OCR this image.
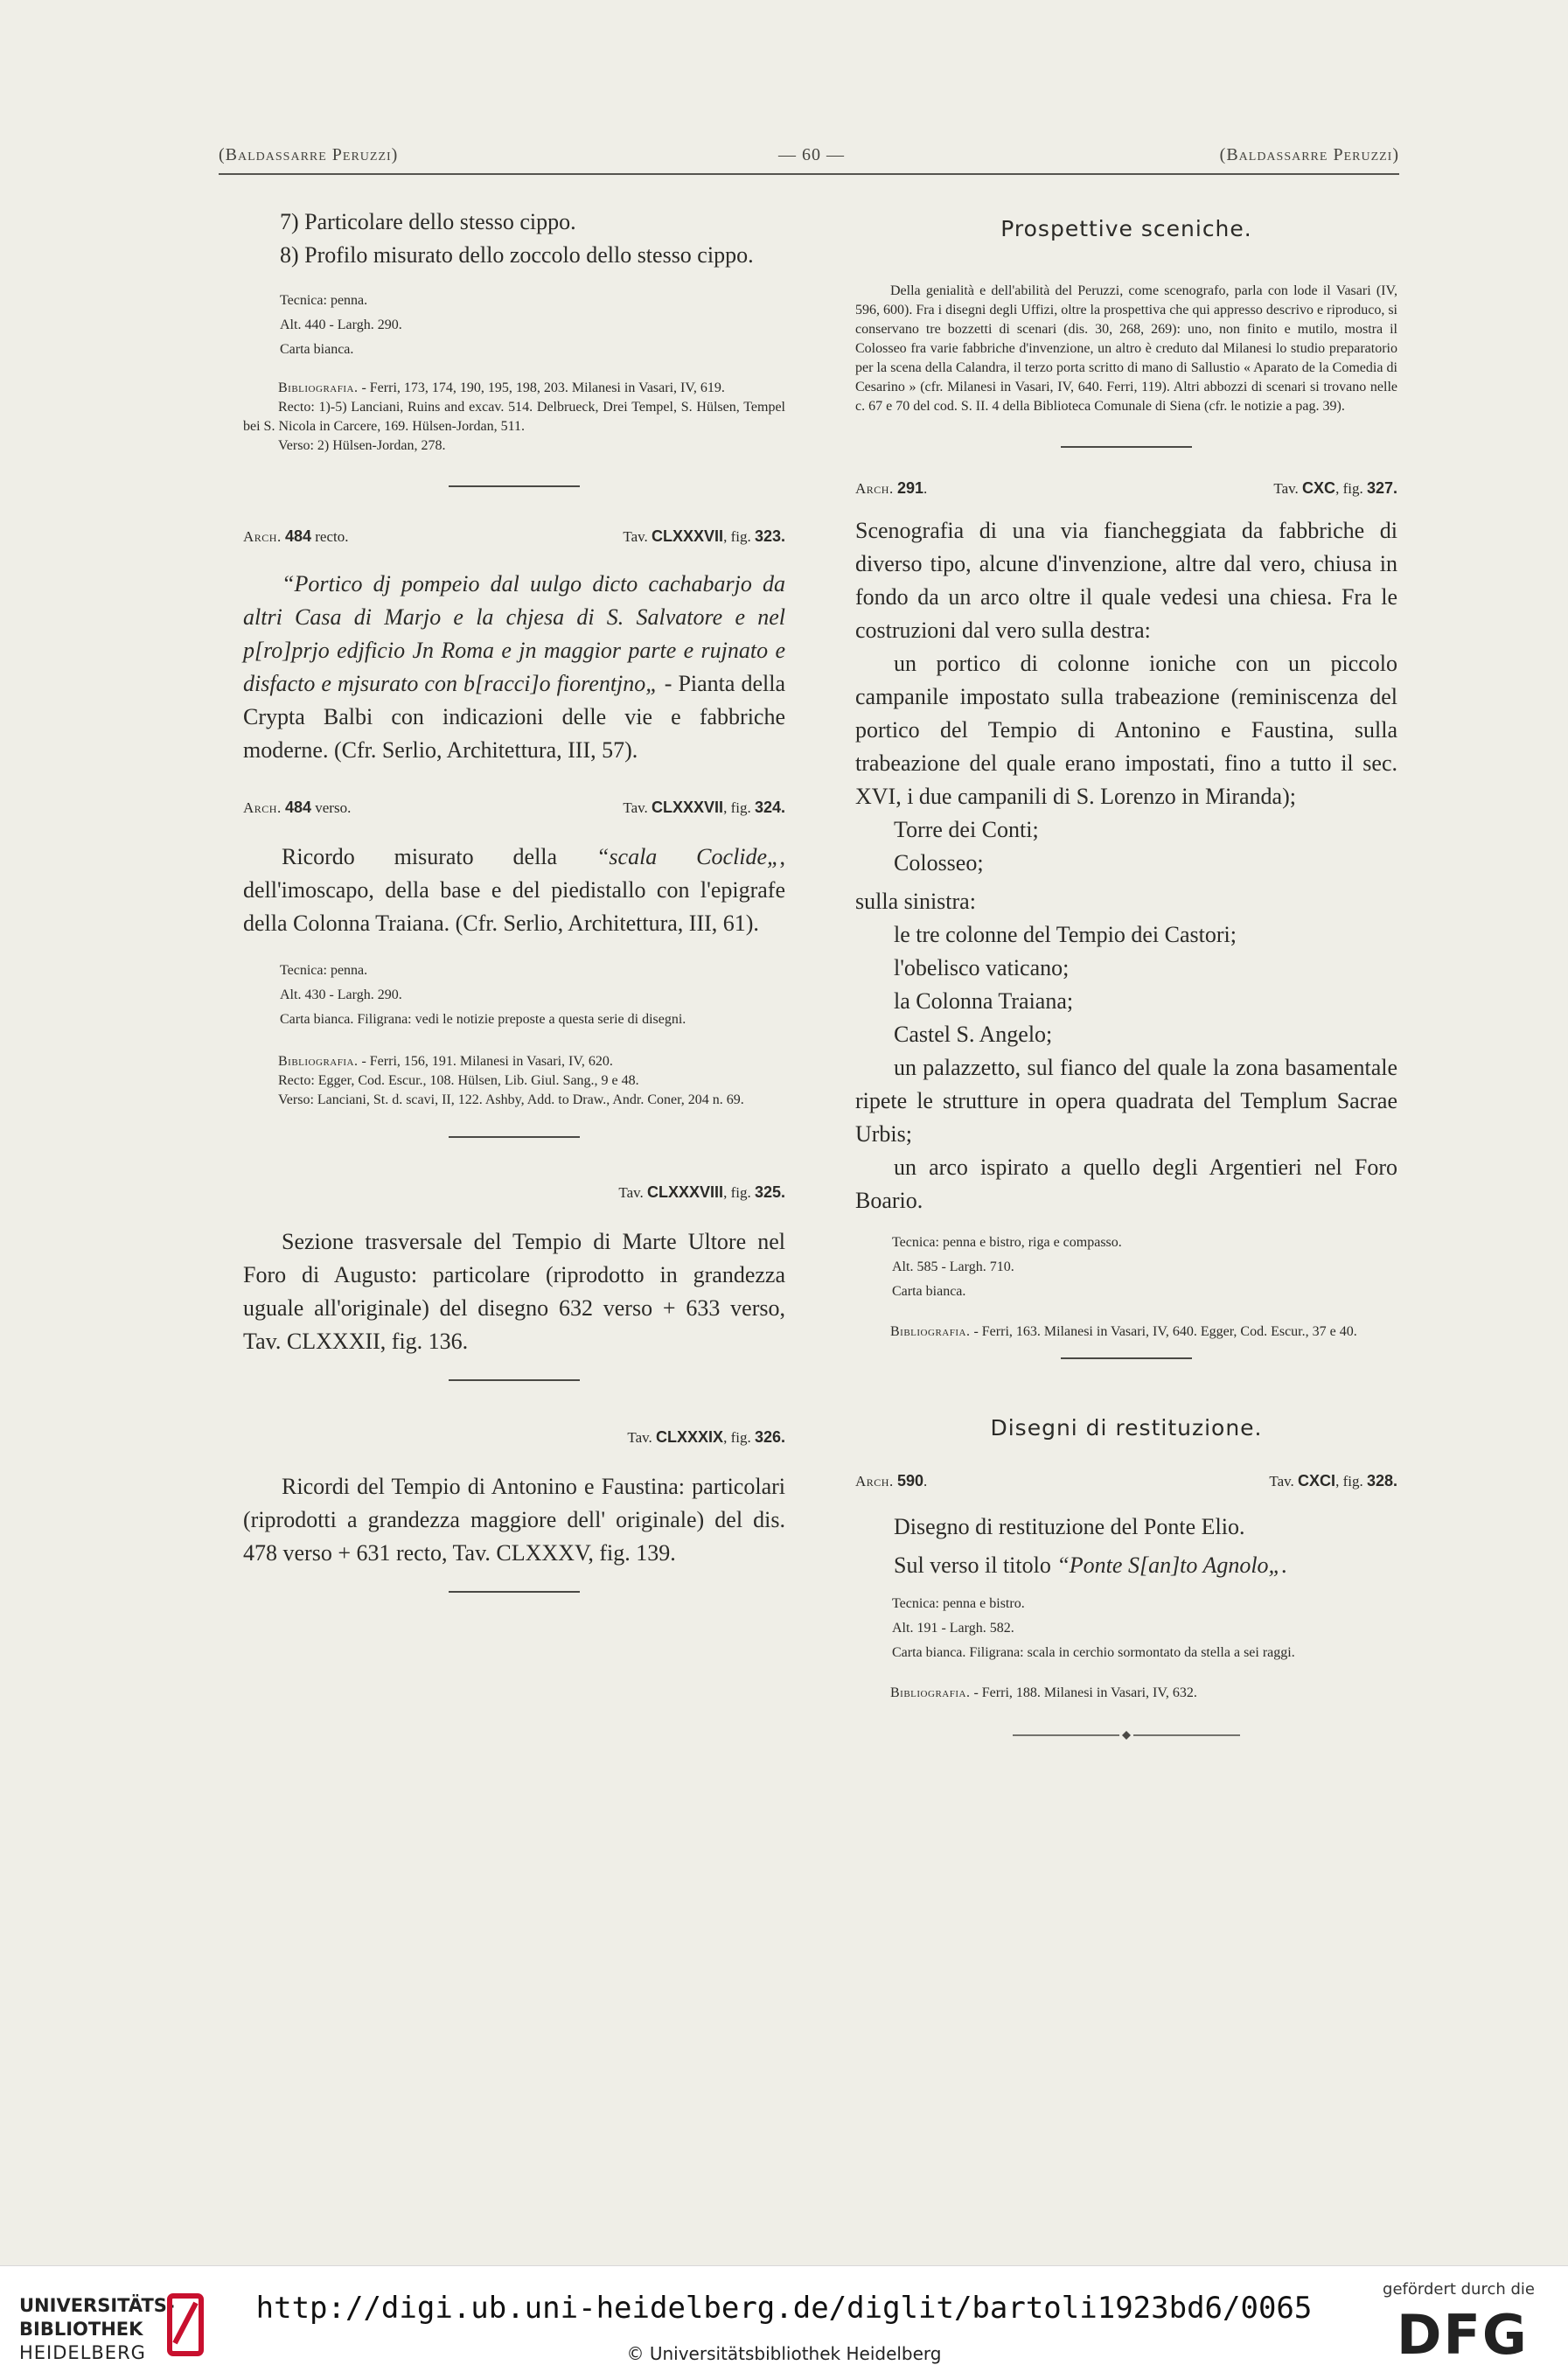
(Baldassarre Peruzzi)	— 60 —	(Baldassarre Peruzzi)

7) Particolare dello stesso cippo.

8) Profilo misurato dello zoccolo dello stesso cippo.

Tecnica: penna.

Alt. 440 - Largh. 290.

Carta bianca.

Bibliografia. - Ferri, 173, 174, 190, 195, 198, 203. Milanesi in Vasari, IV, 619.

Recto: 1)-5) Lanciani, Ruins and excav. 514. Delbrueck, Drei Tempel, S. Hülsen, Tempel bei S. Nicola in Carcere, 169. Hülsen-Jordan, 511.

Verso: 2) Hülsen-Jordan, 278.

Arch. 484 recto.	Tav. CLXXXVII, fig. 323.

“Portico dj pompeio dal uulgo dicto cachabarjo da altri Casa di Marjo e la chjesa di S. Salvatore e nel p[ro]prjo edjficio Jn Roma e jn maggior parte e rujnato e disfacto e mjsurato con b[racci]o fiorentjno„ - Pianta della Crypta Balbi con indicazioni delle vie e fabbriche moderne. (Cfr. Serlio, Architettura, III, 57).

Arch. 484 verso.	Tav. CLXXXVII, fig. 324.

Ricordo misurato della “scala Coclide„, dell'imoscapo, della base e del piedistallo con l'epigrafe della Colonna Traiana. (Cfr. Serlio, Architettura, III, 61).

Tecnica: penna.

Alt. 430 - Largh. 290.

Carta bianca. Filigrana: vedi le notizie preposte a questa serie di disegni.

Bibliografia. - Ferri, 156, 191. Milanesi in Vasari, IV, 620.

Recto: Egger, Cod. Escur., 108. Hülsen, Lib. Giul. Sang., 9 e 48.

Verso: Lanciani, St. d. scavi, II, 122. Ashby, Add. to Draw., Andr. Coner, 204 n. 69.

Tav. CLXXXVIII, fig. 325.

Sezione trasversale del Tempio di Marte Ultore nel Foro di Augusto: particolare (riprodotto in grandezza uguale all'originale) del disegno 632 verso + 633 verso, Tav. CLXXXII, fig. 136.

Tav. CLXXXIX, fig. 326.

Ricordi del Tempio di Antonino e Faustina: particolari (riprodotti a grandezza maggiore dell' originale) del dis. 478 verso + 631 recto, Tav. CLXXXV, fig. 139.

Prospettive sceniche.

Della genialità e dell'abilità del Peruzzi, come scenografo, parla con lode il Vasari (IV, 596, 600). Fra i disegni degli Uffizi, oltre la prospettiva che qui appresso descrivo e riproduco, si conservano tre bozzetti di scenari (dis. 30, 268, 269): uno, non finito e mutilo, mostra il Colosseo fra varie fabbriche d'invenzione, un altro è creduto dal Milanesi lo studio preparatorio per la scena della Calandra, il terzo porta scritto di mano di Sallustio « Aparato de la Comedia di Cesarino » (cfr. Milanesi in Vasari, IV, 640. Ferri, 119). Altri abbozzi di scenari si trovano nelle c. 67 e 70 del cod. S. II. 4 della Biblioteca Comunale di Siena (cfr. le notizie a pag. 39).

Arch. 291.	Tav. CXC, fig. 327.

Scenografia di una via fiancheggiata da fabbriche di diverso tipo, alcune d'invenzione, altre dal vero, chiusa in fondo da un arco oltre il quale vedesi una chiesa. Fra le costruzioni dal vero sulla destra:

un portico di colonne ioniche con un piccolo campanile impostato sulla trabeazione (reminiscenza del portico del Tempio di Antonino e Faustina, sulla trabeazione del quale erano impostati, fino a tutto il sec. XVI, i due campanili di S. Lorenzo in Miranda);

Torre dei Conti;

Colosseo;

sulla sinistra:

le tre colonne del Tempio dei Castori;

l'obelisco vaticano;

la Colonna Traiana;

Castel S. Angelo;

un palazzetto, sul fianco del quale la zona basamentale ripete le strutture in opera quadrata del Templum Sacrae Urbis;

un arco ispirato a quello degli Argentieri nel Foro Boario.

Tecnica: penna e bistro, riga e compasso.

Alt. 585 - Largh. 710.

Carta bianca.

Bibliografia. - Ferri, 163. Milanesi in Vasari, IV, 640. Egger, Cod. Escur., 37 e 40.

Disegni di restituzione.

Arch. 590.	Tav. CXCI, fig. 328.

Disegno di restituzione del Ponte Elio.

Sul verso il titolo “Ponte S[an]to Agnolo„.

Tecnica: penna e bistro.

Alt. 191 - Largh. 582.

Carta bianca. Filigrana: scala in cerchio sormontato da stella a sei raggi.

Bibliografia. - Ferri, 188. Milanesi in Vasari, IV, 632.

UNIVERSITÄTS-
BIBLIOTHEK
HEIDELBERG
http://digi.ub.uni-heidelberg.de/diglit/bartoli1923bd6/0065
© Universitätsbibliothek Heidelberg
gefördert durch die
DFG
